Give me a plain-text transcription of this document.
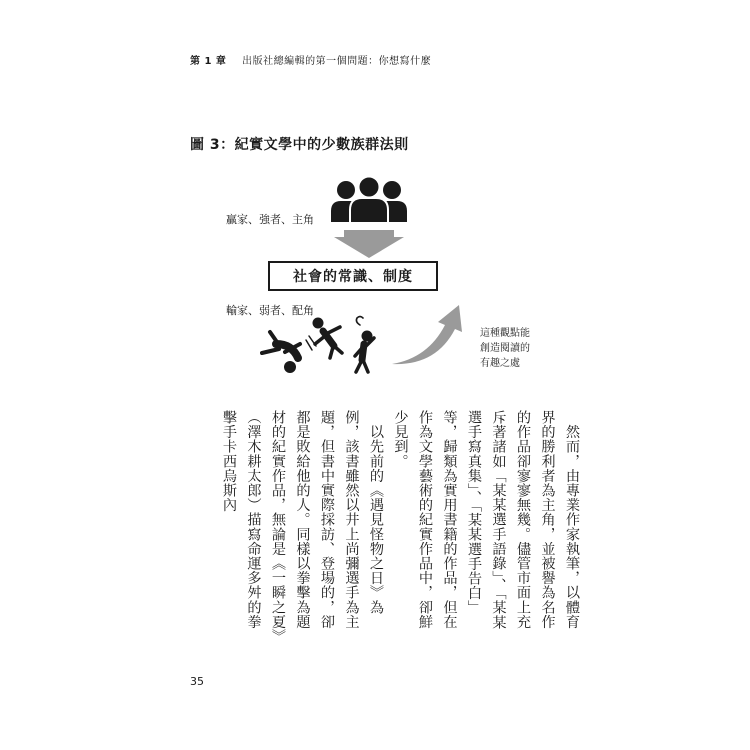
第 1 章 出版社總編輯的第一個問題：你想寫什麼
圖 3：紀實文學中的少數族群法則
贏家、強者、主角
社會的常識、制度
輸家、弱者、配角
這種觀點能
創造閱讀的
有趣之處

　然而，由專業作家執筆，以體育界的勝利者為主角，並被譽為名作的作品卻寥寥無幾。儘管市面上充斥著諸如「某某選手語錄」、「某某選手寫真集」、「某某選手告白」等，歸類為實用書籍的作品，但在作為文學藝術的紀實作品中，卻鮮少見到。

　以先前的《遇見怪物之日》為例，該書雖然以井上尚彌選手為主題，但書中實際採訪、登場的，卻都是敗給他的人。同樣以拳擊為題材的紀實作品，無論是《一瞬之夏》（澤木耕太郎）描寫命運多舛的拳擊手卡西烏斯內

35
